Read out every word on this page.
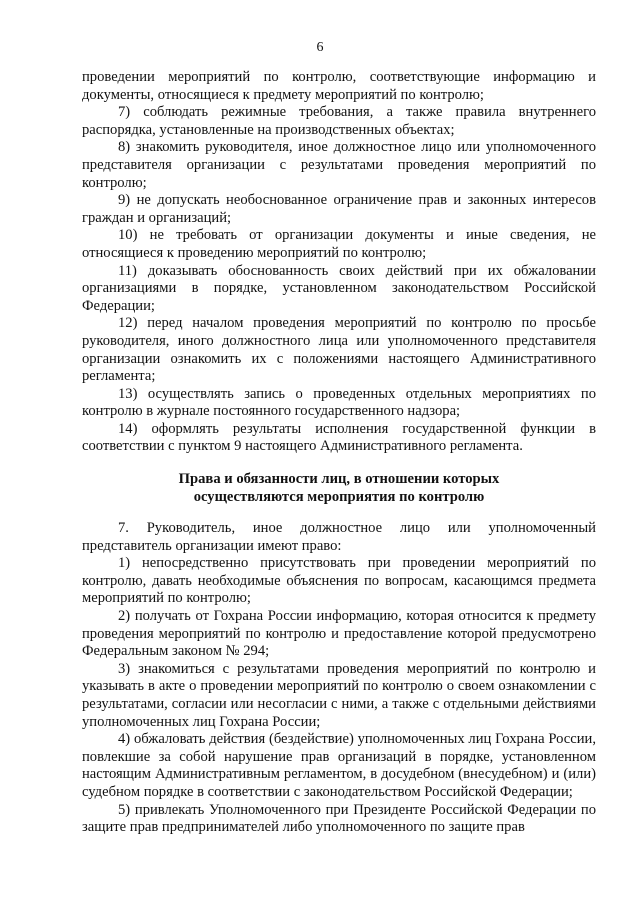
6

проведении мероприятий по контролю, соответствующие информацию и документы, относящиеся к предмету мероприятий по контролю;

7) соблюдать режимные требования, а также правила внутреннего распорядка, установленные на производственных объектах;

8) знакомить руководителя, иное должностное лицо или уполномоченного представителя организации с результатами проведения мероприятий по контролю;

9) не допускать необоснованное ограничение прав и законных интересов граждан и организаций;

10) не требовать от организации документы и иные сведения, не относящиеся к проведению мероприятий по контролю;

11) доказывать обоснованность своих действий при их обжаловании организациями в порядке, установленном законодательством Российской Федерации;

12) перед началом проведения мероприятий по контролю по просьбе руководителя, иного должностного лица или уполномоченного представителя организации ознакомить их с положениями настоящего Административного регламента;

13) осуществлять запись о проведенных отдельных мероприятиях по контролю в журнале постоянного государственного надзора;

14) оформлять результаты исполнения государственной функции в соответствии с пунктом 9 настоящего Административного регламента.

Права и обязанности лиц, в отношении которых
осуществляются мероприятия по контролю

7. Руководитель, иное должностное лицо или уполномоченный представитель организации имеют право:

1) непосредственно присутствовать при проведении мероприятий по контролю, давать необходимые объяснения по вопросам, касающимся предмета мероприятий по контролю;

2) получать от Гохрана России информацию, которая относится к предмету проведения мероприятий по контролю и предоставление которой предусмотрено Федеральным законом № 294;

3) знакомиться с результатами проведения мероприятий по контролю и указывать в акте о проведении мероприятий по контролю о своем ознакомлении с результатами, согласии или несогласии с ними, а также с отдельными действиями уполномоченных лиц Гохрана России;

4) обжаловать действия (бездействие) уполномоченных лиц Гохрана России, повлекшие за собой нарушение прав организаций в порядке, установленном настоящим Административным регламентом, в досудебном (внесудебном) и (или) судебном порядке в соответствии с законодательством Российской Федерации;

5) привлекать Уполномоченного при Президенте Российской Федерации по защите прав предпринимателей либо уполномоченного по защите прав
